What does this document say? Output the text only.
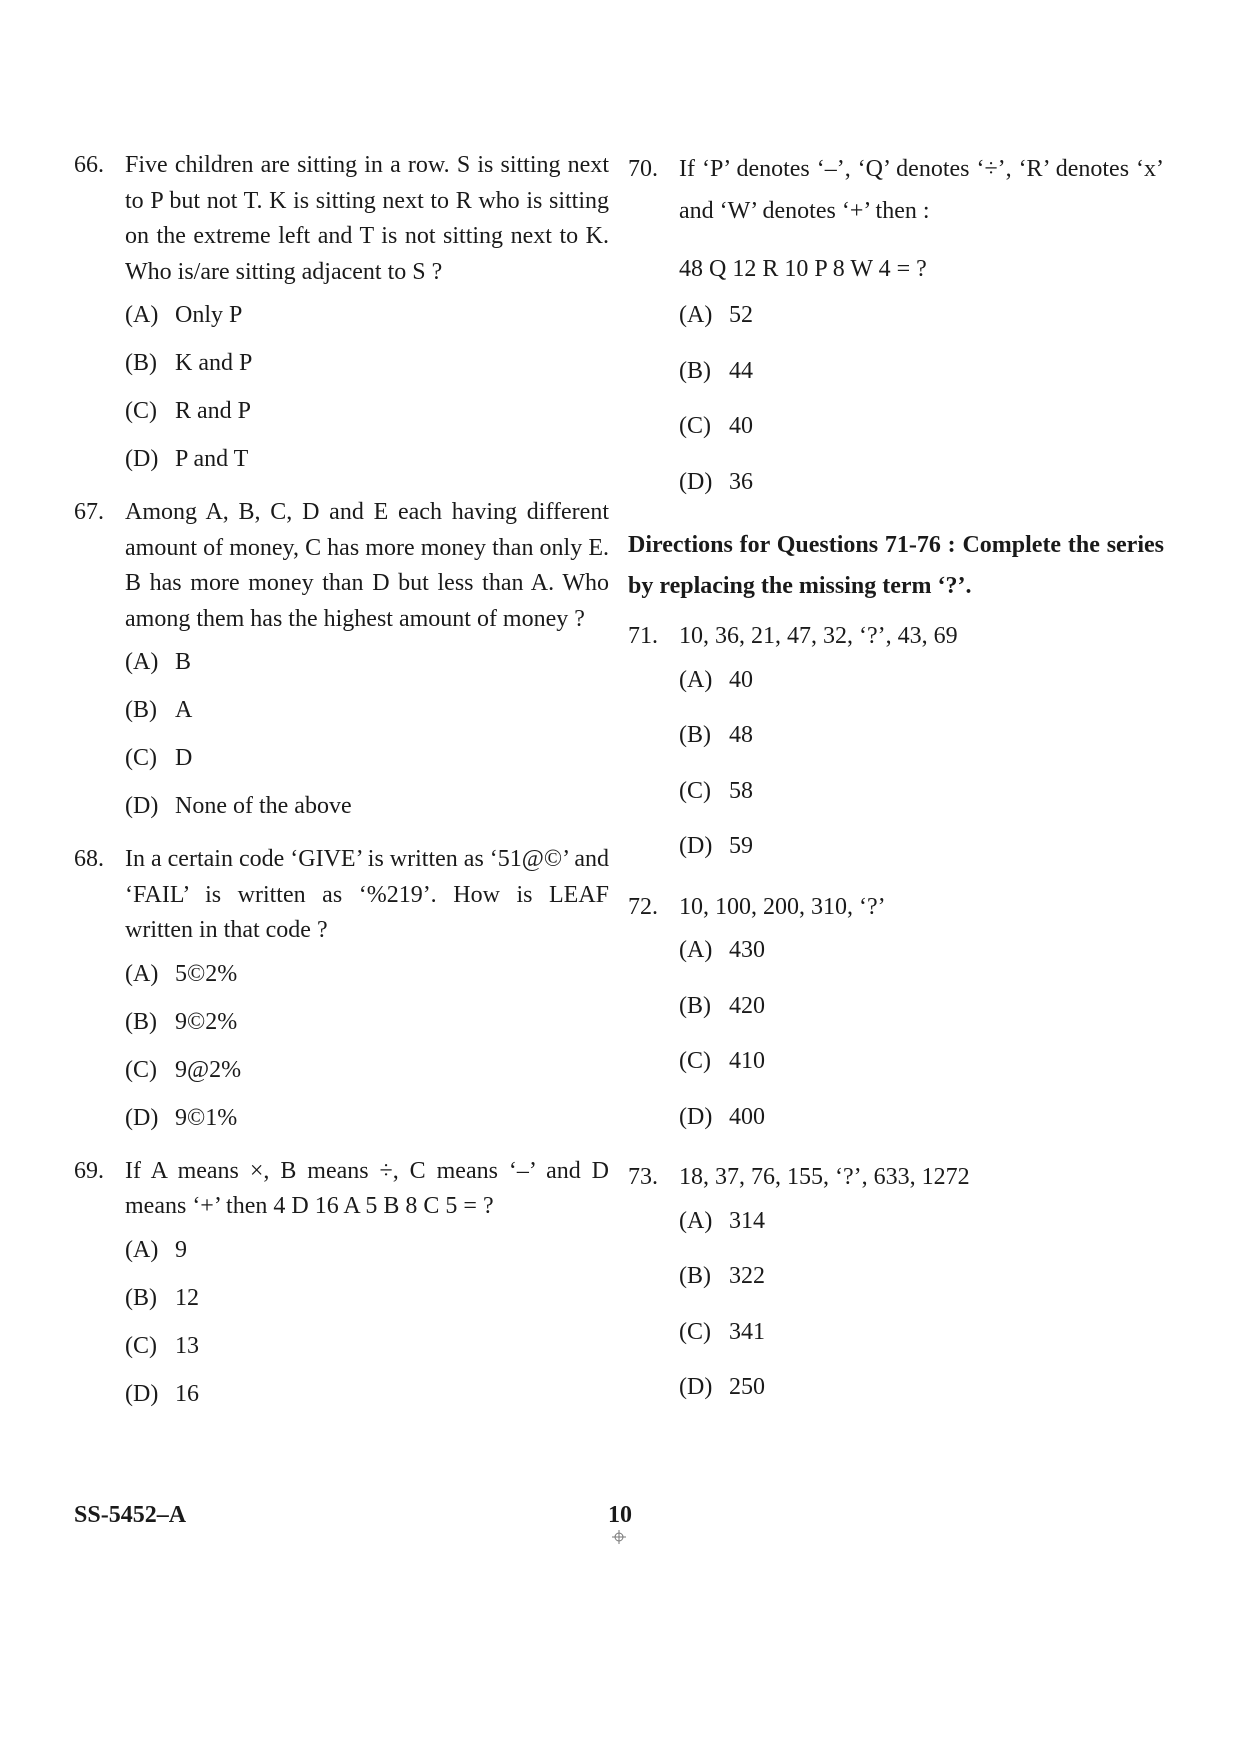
66. Five children are sitting in a row. S is sitting next to P but not T. K is sitting next to R who is sitting on the extreme left and T is not sitting next to K. Who is/are sitting adjacent to S ?
(A) Only P
(B) K and P
(C) R and P
(D) P and T
67. Among A, B, C, D and E each having different amount of money, C has more money than only E. B has more money than D but less than A. Who among them has the highest amount of money ?
(A) B
(B) A
(C) D
(D) None of the above
68. In a certain code ‘GIVE’ is written as ‘51@©’ and ‘FAIL’ is written as ‘%219’. How is LEAF written in that code ?
(A) 5©2%
(B) 9©2%
(C) 9@2%
(D) 9©1%
69. If A means ×, B means ÷, C means ‘–’ and D means ‘+’ then 4 D 16 A 5 B 8 C 5 = ?
(A) 9
(B) 12
(C) 13
(D) 16
70. If ‘P’ denotes ‘–’, ‘Q’ denotes ‘÷’, ‘R’ denotes ‘x’ and ‘W’ denotes ‘+’ then :
48 Q 12 R 10 P 8 W 4 = ?
(A) 52
(B) 44
(C) 40
(D) 36
Directions for Questions 71-76 : Complete the series by replacing the missing term ‘?’.
71. 10, 36, 21, 47, 32, ‘?’, 43, 69
(A) 40
(B) 48
(C) 58
(D) 59
72. 10, 100, 200, 310, ‘?’
(A) 430
(B) 420
(C) 410
(D) 400
73. 18, 37, 76, 155, ‘?’, 633, 1272
(A) 314
(B) 322
(C) 341
(D) 250
SS-5452–A	10
